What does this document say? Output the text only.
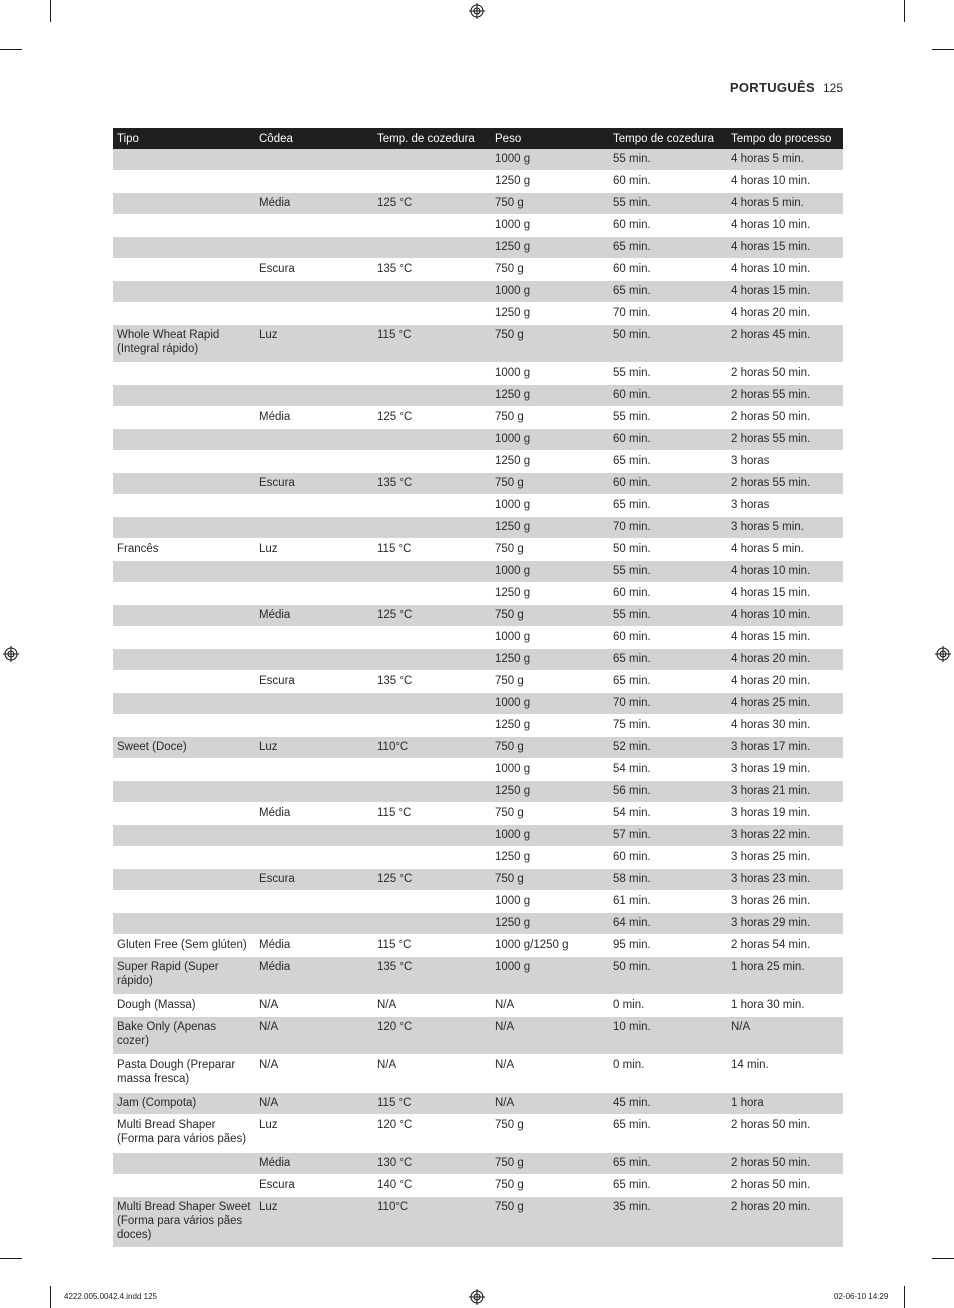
PORTUGUÊS 125
Tipo	Côdea	Temp. de cozedura	Peso	Tempo de cozedura	Tempo do processo
			1000 g	55 min.	4 horas 5 min.
			1250 g	60 min.	4 horas 10 min.
	Média	125 °C	750 g	55 min.	4 horas 5 min.
			1000 g	60 min.	4 horas 10 min.
			1250 g	65 min.	4 horas 15 min.
	Escura	135 °C	750 g	60 min.	4 horas 10 min.
			1000 g	65 min.	4 horas 15 min.
			1250 g	70 min.	4 horas 20 min.
Whole Wheat Rapid (Integral rápido)	Luz	115 °C	750 g	50 min.	2 horas 45 min.
			1000 g	55 min.	2 horas 50 min.
			1250 g	60 min.	2 horas 55 min.
	Média	125 °C	750 g	55 min.	2 horas 50 min.
			1000 g	60 min.	2 horas 55 min.
			1250 g	65 min.	3 horas
	Escura	135 °C	750 g	60 min.	2 horas 55 min.
			1000 g	65 min.	3 horas
			1250 g	70 min.	3 horas 5 min.
Francês	Luz	115 °C	750 g	50 min.	4 horas 5 min.
			1000 g	55 min.	4 horas 10 min.
			1250 g	60 min.	4 horas 15 min.
	Média	125 °C	750 g	55 min.	4 horas 10 min.
			1000 g	60 min.	4 horas 15 min.
			1250 g	65 min.	4 horas 20 min.
	Escura	135 °C	750 g	65 min.	4 horas 20 min.
			1000 g	70 min.	4 horas 25 min.
			1250 g	75 min.	4 horas 30 min.
Sweet (Doce)	Luz	110°C	750 g	52 min.	3 horas 17 min.
			1000 g	54 min.	3 horas 19 min.
			1250 g	56 min.	3 horas 21 min.
	Média	115 °C	750 g	54 min.	3 horas 19 min.
			1000 g	57 min.	3 horas 22 min.
			1250 g	60 min.	3 horas 25 min.
	Escura	125 °C	750 g	58 min.	3 horas 23 min.
			1000 g	61 min.	3 horas 26 min.
			1250 g	64 min.	3 horas 29 min.
Gluten Free (Sem glúten)	Média	115 °C	1000 g/1250 g	95 min.	2 horas 54 min.
Super Rapid (Super rápido)	Média	135 °C	1000 g	50 min.	1 hora 25 min.
Dough (Massa)	N/A	N/A	N/A	0 min.	1 hora 30 min.
Bake Only (Apenas cozer)	N/A	120 °C	N/A	10 min.	N/A
Pasta Dough (Preparar massa fresca)	N/A	N/A	N/A	0 min.	14 min.
Jam (Compota)	N/A	115 °C	N/A	45 min.	1 hora
Multi Bread Shaper (Forma para vários pães)	Luz	120 °C	750 g	65 min.	2 horas 50 min.
	Média	130 °C	750 g	65 min.	2 horas 50 min.
	Escura	140 °C	750 g	65 min.	2 horas 50 min.
Multi Bread Shaper Sweet (Forma para vários pães doces)	Luz	110°C	750 g	35 min.	2 horas 20 min.
4222.005.0042.4.indd 125	02-06-10 14:29
